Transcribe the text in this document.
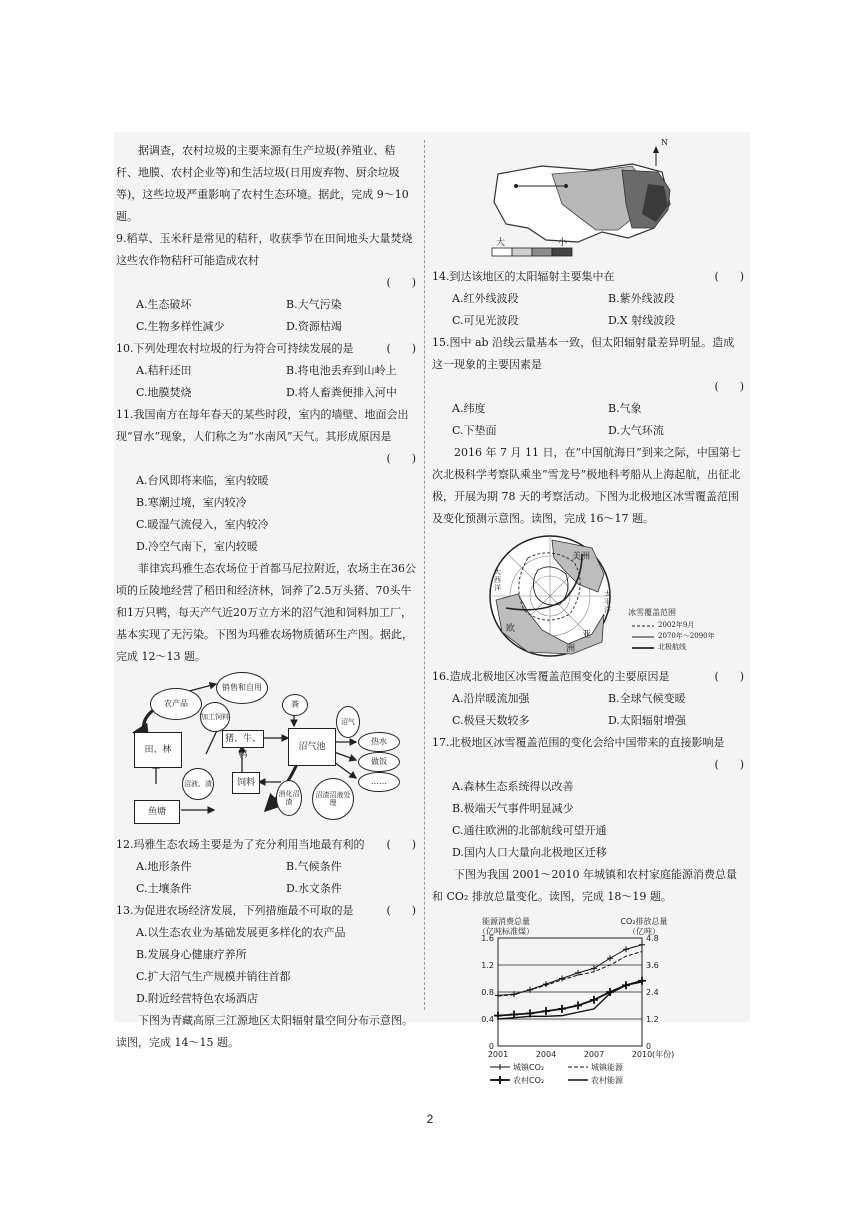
据调查，农村垃圾的主要来源有生产垃圾(养殖业、秸秆、地膜、农村企业等)和生活垃圾(日用废弃物、厨余垃圾等)，这些垃圾严重影响了农村生态环境。据此，完成 9～10 题。

9.稻草、玉米秆是常见的秸秆，收获季节在田间地头大量焚烧这些农作物秸秆可能造成农村
(      )
A.生态破坏	B.大气污染
C.生物多样性减少	D.资源枯竭
10.下列处理农村垃圾的行为符合可持续发展的是	(      )
A.秸秆还田	B.将电池丢弃到山岭上
C.地膜焚烧	D.将人畜粪便排入河中
11.我国南方在每年春天的某些时段，室内的墙壁、地面会出现“冒水”现象，人们称之为“水南风”天气。其形成原因是
(      )

A.台风即将来临，室内较暖

B.寒潮过境，室内较冷

C.暖湿气流侵入，室内较冷

D.冷空气南下，室内较暖

菲律宾玛雅生态农场位于首都马尼拉附近，农场主在36公顷的丘陵地经营了稻田和经济林，饲养了2.5万头猪、70头牛和1万只鸭，每天产气近20万立方米的沼气池和饲料加工厂，基本实现了无污染。下图为玛雅农场物质循环生产图。据此，完成 12～13 题。

销售和自用
农产品
加工饲料
猪、牛、鸭
田、林
饲料
鱼塘
粪
沼气池
沼气
热水
做饭
……
沼液、渣
消化沼渣
沼渣沼液处理
12.玛雅生态农场主要是为了充分利用当地最有利的	(      )
A.地形条件	B.气候条件
C.土壤条件	D.水文条件
13.为促进农场经济发展，下列措施最不可取的是	(      )

A.以生态农业为基础发展更多样化的农产品

B.发展身心健康疗养所

C.扩大沼气生产规模并销往首都

D.附近经营特色农场酒店

下图为青藏高原三江源地区太阳辐射量空间分布示意图。读图，完成 14～15 题。

N
大	小
14.到达该地区的太阳辐射主要集中在	(      )
A.红外线波段	B.紫外线波段
C.可见光波段	D.X 射线波段
15.图中 ab 沿线云量基本一致，但太阳辐射量差异明显。造成这一现象的主要因素是
(      )
A.纬度	B.气象
C.下垫面	D.大气环流

2016 年 7 月 11 日，在“中国航海日”到来之际，中国第七次北极科学考察队乘坐“雪龙号”极地科考船从上海起航，出征北极，开展为期 78 天的考察活动。下图为北极地区冰雪覆盖范围及变化预测示意图。读图，完成 16～17 题。

美洲
欧
亚
洲
大西洋
太平洋	冰雪覆盖范围
2002年9月
2070年～2090年
北极航线
16.造成北极地区冰雪覆盖范围变化的主要原因是	(      )
A.沿岸暖流加强	B.全球气候变暖
C.极昼天数较多	D.太阳辐射增强
17.北极地区冰雪覆盖范围的变化会给中国带来的直接影响是
(      )

A.森林生态系统得以改善

B.极端天气事件明显减少

C.通往欧洲的北部航线可望开通

D.国内人口大量向北极地区迁移

下图为我国 2001～2010 年城镇和农村家庭能源消费总量和 CO₂ 排放总量变化。读图，完成 18～19 题。

0
0.4
0.8
1.2
1.6
0
1.2
2.4
3.6
4.8
2001	2004	2007	2010 (年份)
能源消费总量
（亿吨标准煤）
CO₂排放总量
（亿吨）
城镇CO₂	城镇能源
农村CO₂	农村能源
2
